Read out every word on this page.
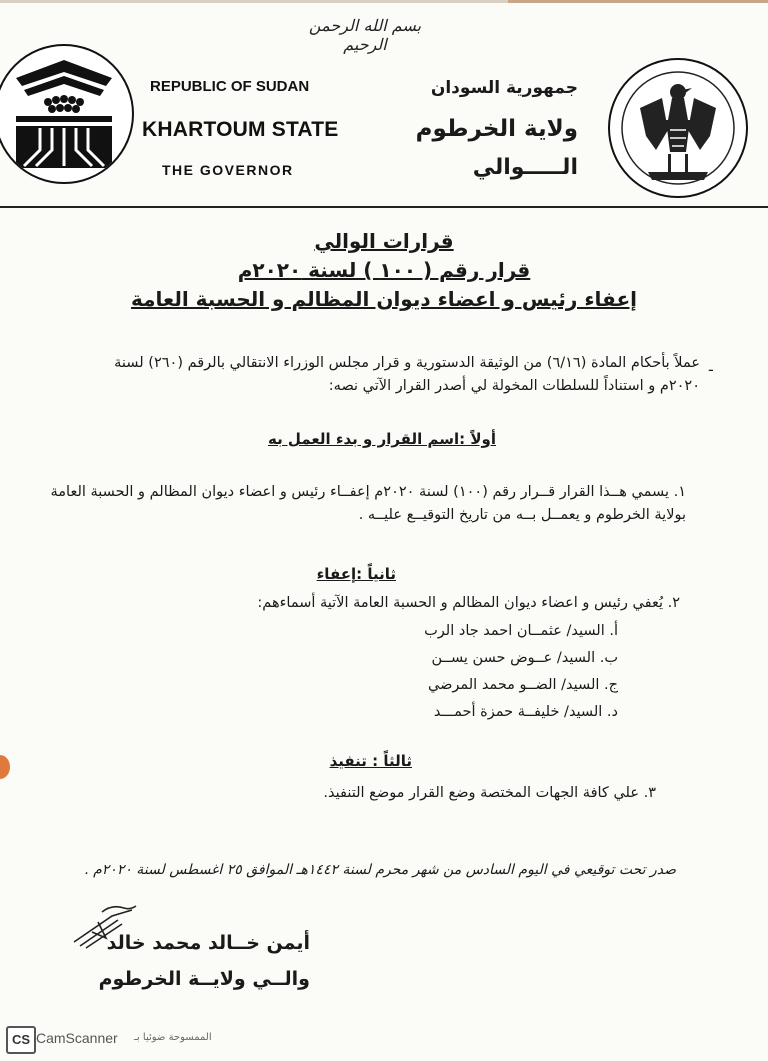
بسم الله الرحمن الرحيم
REPUBLIC OF SUDAN
KHARTOUM STATE
THE GOVERNOR
جمهورية السودان
ولاية الخرطوم
الـــــوالي
قرارات الوالي
قرار رقم ( ١٠٠ ) لسنة ٢٠٢٠م
إعفاء رئيس و اعضاء ديوان المظالم و الحسبة العامة
-
عملاً بأحكام المادة (٦/١٦) من الوثيقة الدستورية و قرار مجلس الوزراء الانتقالي بالرقم (٢٦٠) لسنة ٢٠٢٠م و استناداً للسلطات المخولة لي أصدر القرار الآتي نصه:
أولاً :اسم القرار و بدء العمل به
١. يسمي هــذا القرار قــرار رقم (١٠٠) لسنة ٢٠٢٠م إعفــاء رئيس و اعضاء ديوان المظالم و الحسبة العامة بولاية الخرطوم و يعمــل بــه من تاريخ التوقيــع عليــه .
ثانياً :إعفاء
٢. يُعفي رئيس و اعضاء ديوان المظالم و الحسبة العامة الآتية أسماءهم:
أ. السيد/ عثمــان احمد جاد الرب
ب. السيد/ عــوض حسن يســن
ج. السيد/ الضــو محمد المرضي
د. السيد/ خليفــة حمزة أحمـــد
ثالثاً : تنفيذ
٣. علي كافة الجهات المختصة وضع القرار موضع التنفيذ.
صدر تحت توقيعي في اليوم السادس من شهر محرم لسنة ١٤٤٢هـ الموافق ٢٥ اغسطس لسنة ٢٠٢٠م .
أيمن خــالد محمد خالد
والــي ولايــة الخرطوم
CS CamScanner الممسوحة ضوئيا بـ
